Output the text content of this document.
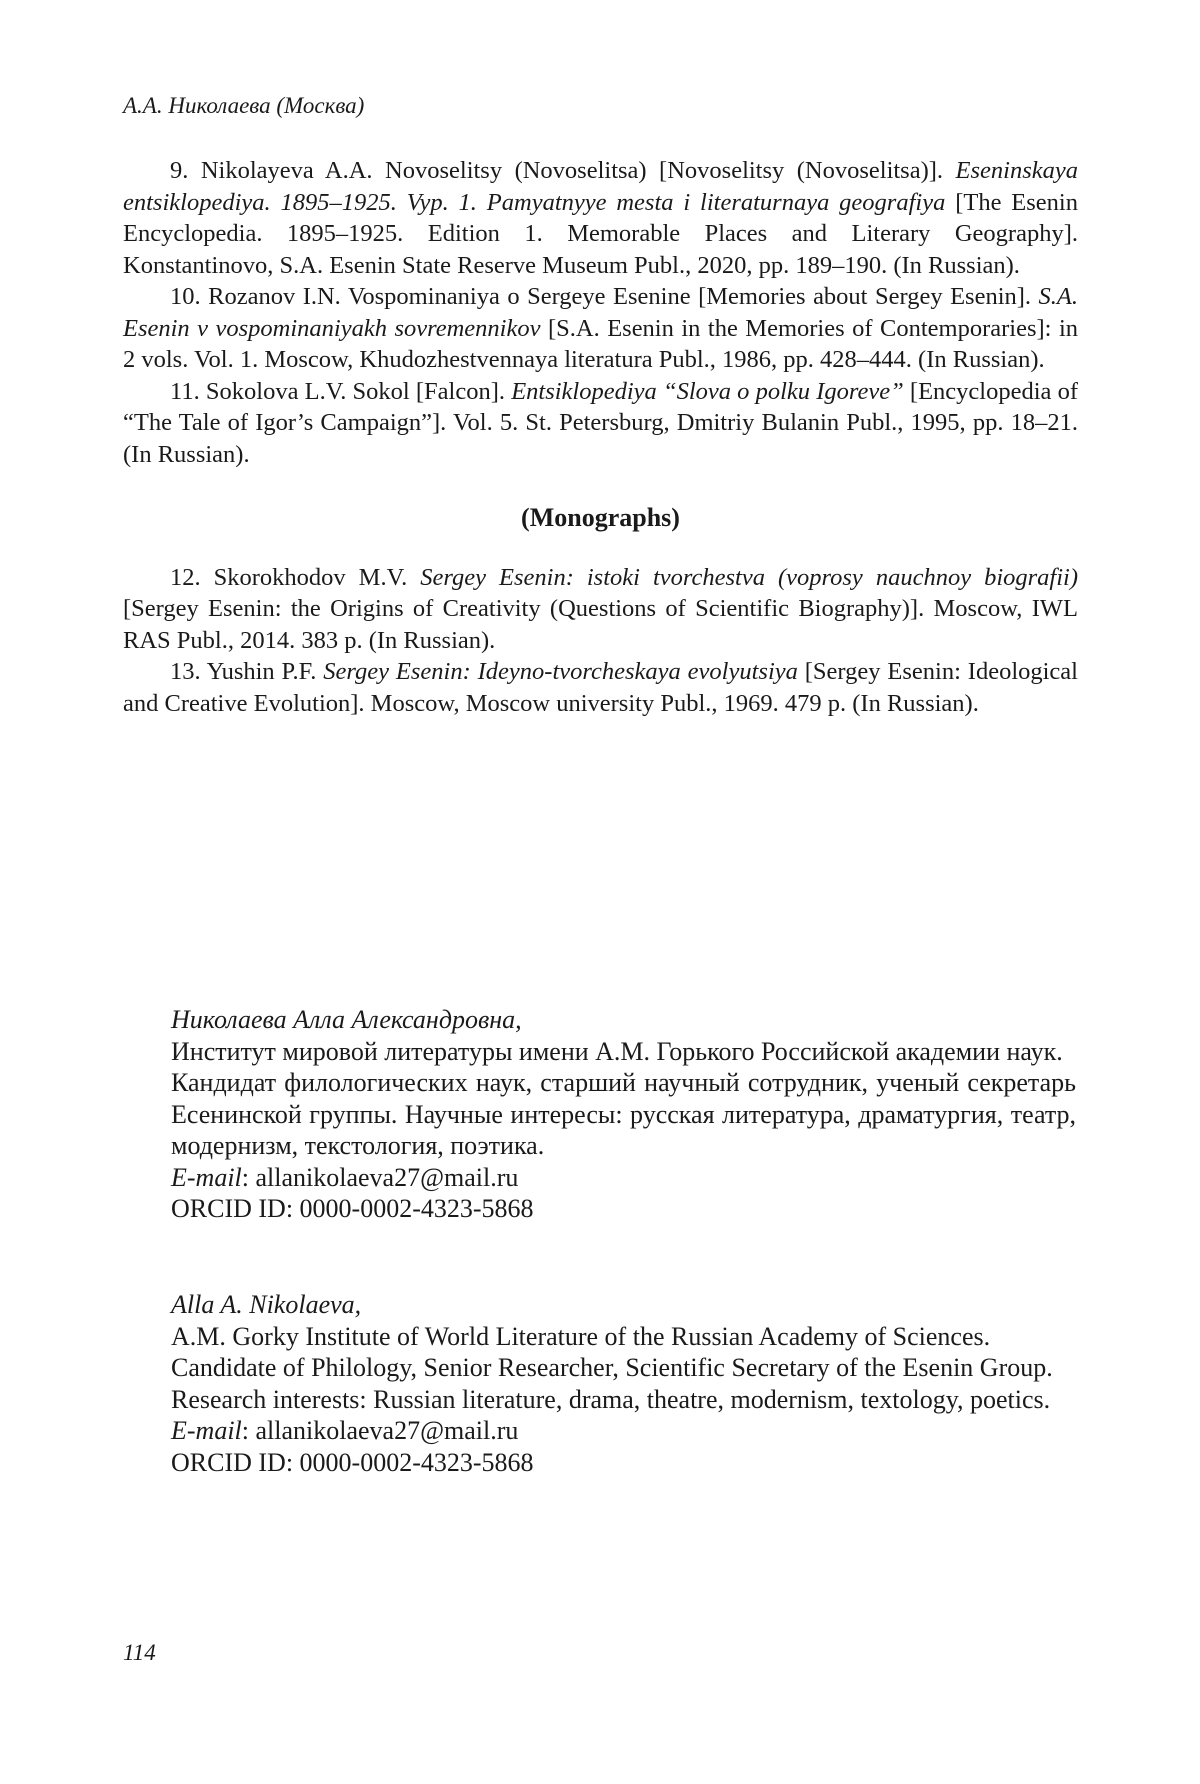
А.А. Николаева (Москва)

9. Nikolayeva A.A. Novoselitsy (Novoselitsa) [Novoselitsy (Novoselitsa)]. Eseninskaya entsiklopediya. 1895–1925. Vyp. 1. Pamyatnyye mesta i literaturnaya geografiya [The Esenin Encyclopedia. 1895–1925. Edition 1. Memorable Places and Literary Geography]. Konstantinovo, S.A. Esenin State Reserve Museum Publ., 2020, pp. 189–190. (In Russian).

10. Rozanov I.N. Vospominaniya o Sergeye Esenine [Memories about Sergey Esenin]. S.A. Esenin v vospominaniyakh sovremennikov [S.A. Esenin in the Memories of Contemporaries]: in 2 vols. Vol. 1. Moscow, Khudozhestvennaya literatura Publ., 1986, pp. 428–444. (In Russian).

11. Sokolova L.V. Sokol [Falcon]. Entsiklopediya “Slova o polku Igoreve” [Encyclopedia of “The Tale of Igor’s Campaign”]. Vol. 5. St. Petersburg, Dmitriy Bulanin Publ., 1995, pp. 18–21. (In Russian).

(Monographs)

12. Skorokhodov M.V. Sergey Esenin: istoki tvorchestva (voprosy nauchnoy biografii) [Sergey Esenin: the Origins of Creativity (Questions of Scientific Biography)]. Moscow, IWL RAS Publ., 2014. 383 p. (In Russian).

13. Yushin P.F. Sergey Esenin: Ideyno-tvorcheskaya evolyutsiya [Sergey Esenin: Ideological and Creative Evolution]. Moscow, Moscow university Publ., 1969. 479 p. (In Russian).

Николаева Алла Александровна,

Институт мировой литературы имени А.М. Горького Российской академии наук.

Кандидат филологических наук, старший научный сотрудник, ученый секретарь Есенинской группы. Научные интересы: русская литература, драматургия, театр, модернизм, текстология, поэтика.

E-mail: allanikolaeva27@mail.ru

ORCID ID: 0000-0002-4323-5868

Alla A. Nikolaeva,

A.M. Gorky Institute of World Literature of the Russian Academy of Sciences.

Candidate of Philology, Senior Researcher, Scientific Secretary of the Esenin Group. Research interests: Russian literature, drama, theatre, modernism, textology, poetics.

E-mail: allanikolaeva27@mail.ru

ORCID ID: 0000-0002-4323-5868

114
